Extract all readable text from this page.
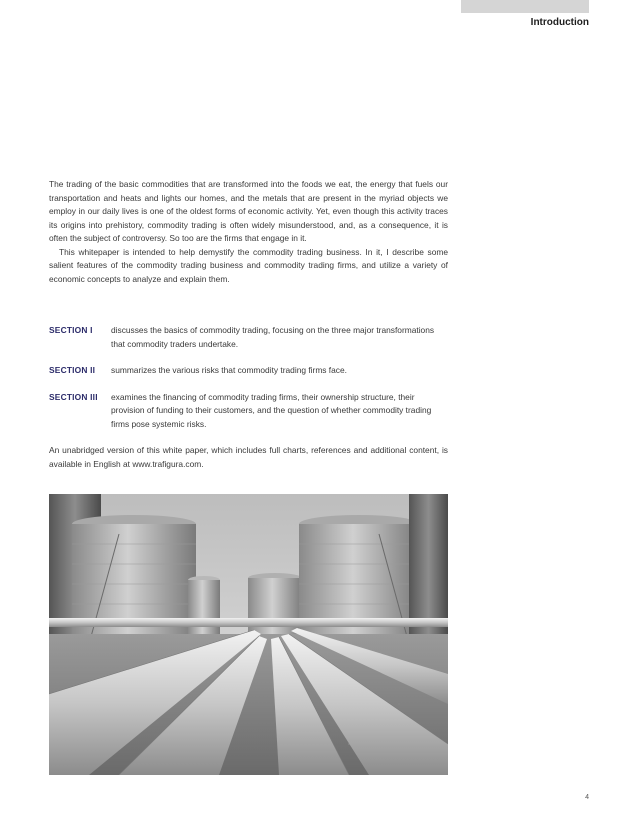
Introduction

The trading of the basic commodities that are transformed into the foods we eat, the energy that fuels our transportation and heats and lights our homes, and the metals that are present in the myriad objects we employ in our daily lives is one of the oldest forms of economic activity. Yet, even though this activity traces its origins into prehistory, commodity trading is often widely misunderstood, and, as a consequence, it is often the subject of controversy. So too are the firms that engage in it.

This whitepaper is intended to help demystify the commodity trading business. In it, I describe some salient features of the commodity trading business and commodity trading firms, and utilize a variety of economic concepts to analyze and explain them.

SECTION I	discusses the basics of commodity trading, focusing on the three major transformations that commodity traders undertake.
SECTION II	summarizes the various risks that commodity trading firms face.
SECTION III	examines the financing of commodity trading firms, their ownership structure, their provision of funding to their customers, and the question of whether commodity trading firms pose systemic risks.

An unabridged version of this white paper, which includes full charts, references and additional content, is available in English at www.trafigura.com.

4
